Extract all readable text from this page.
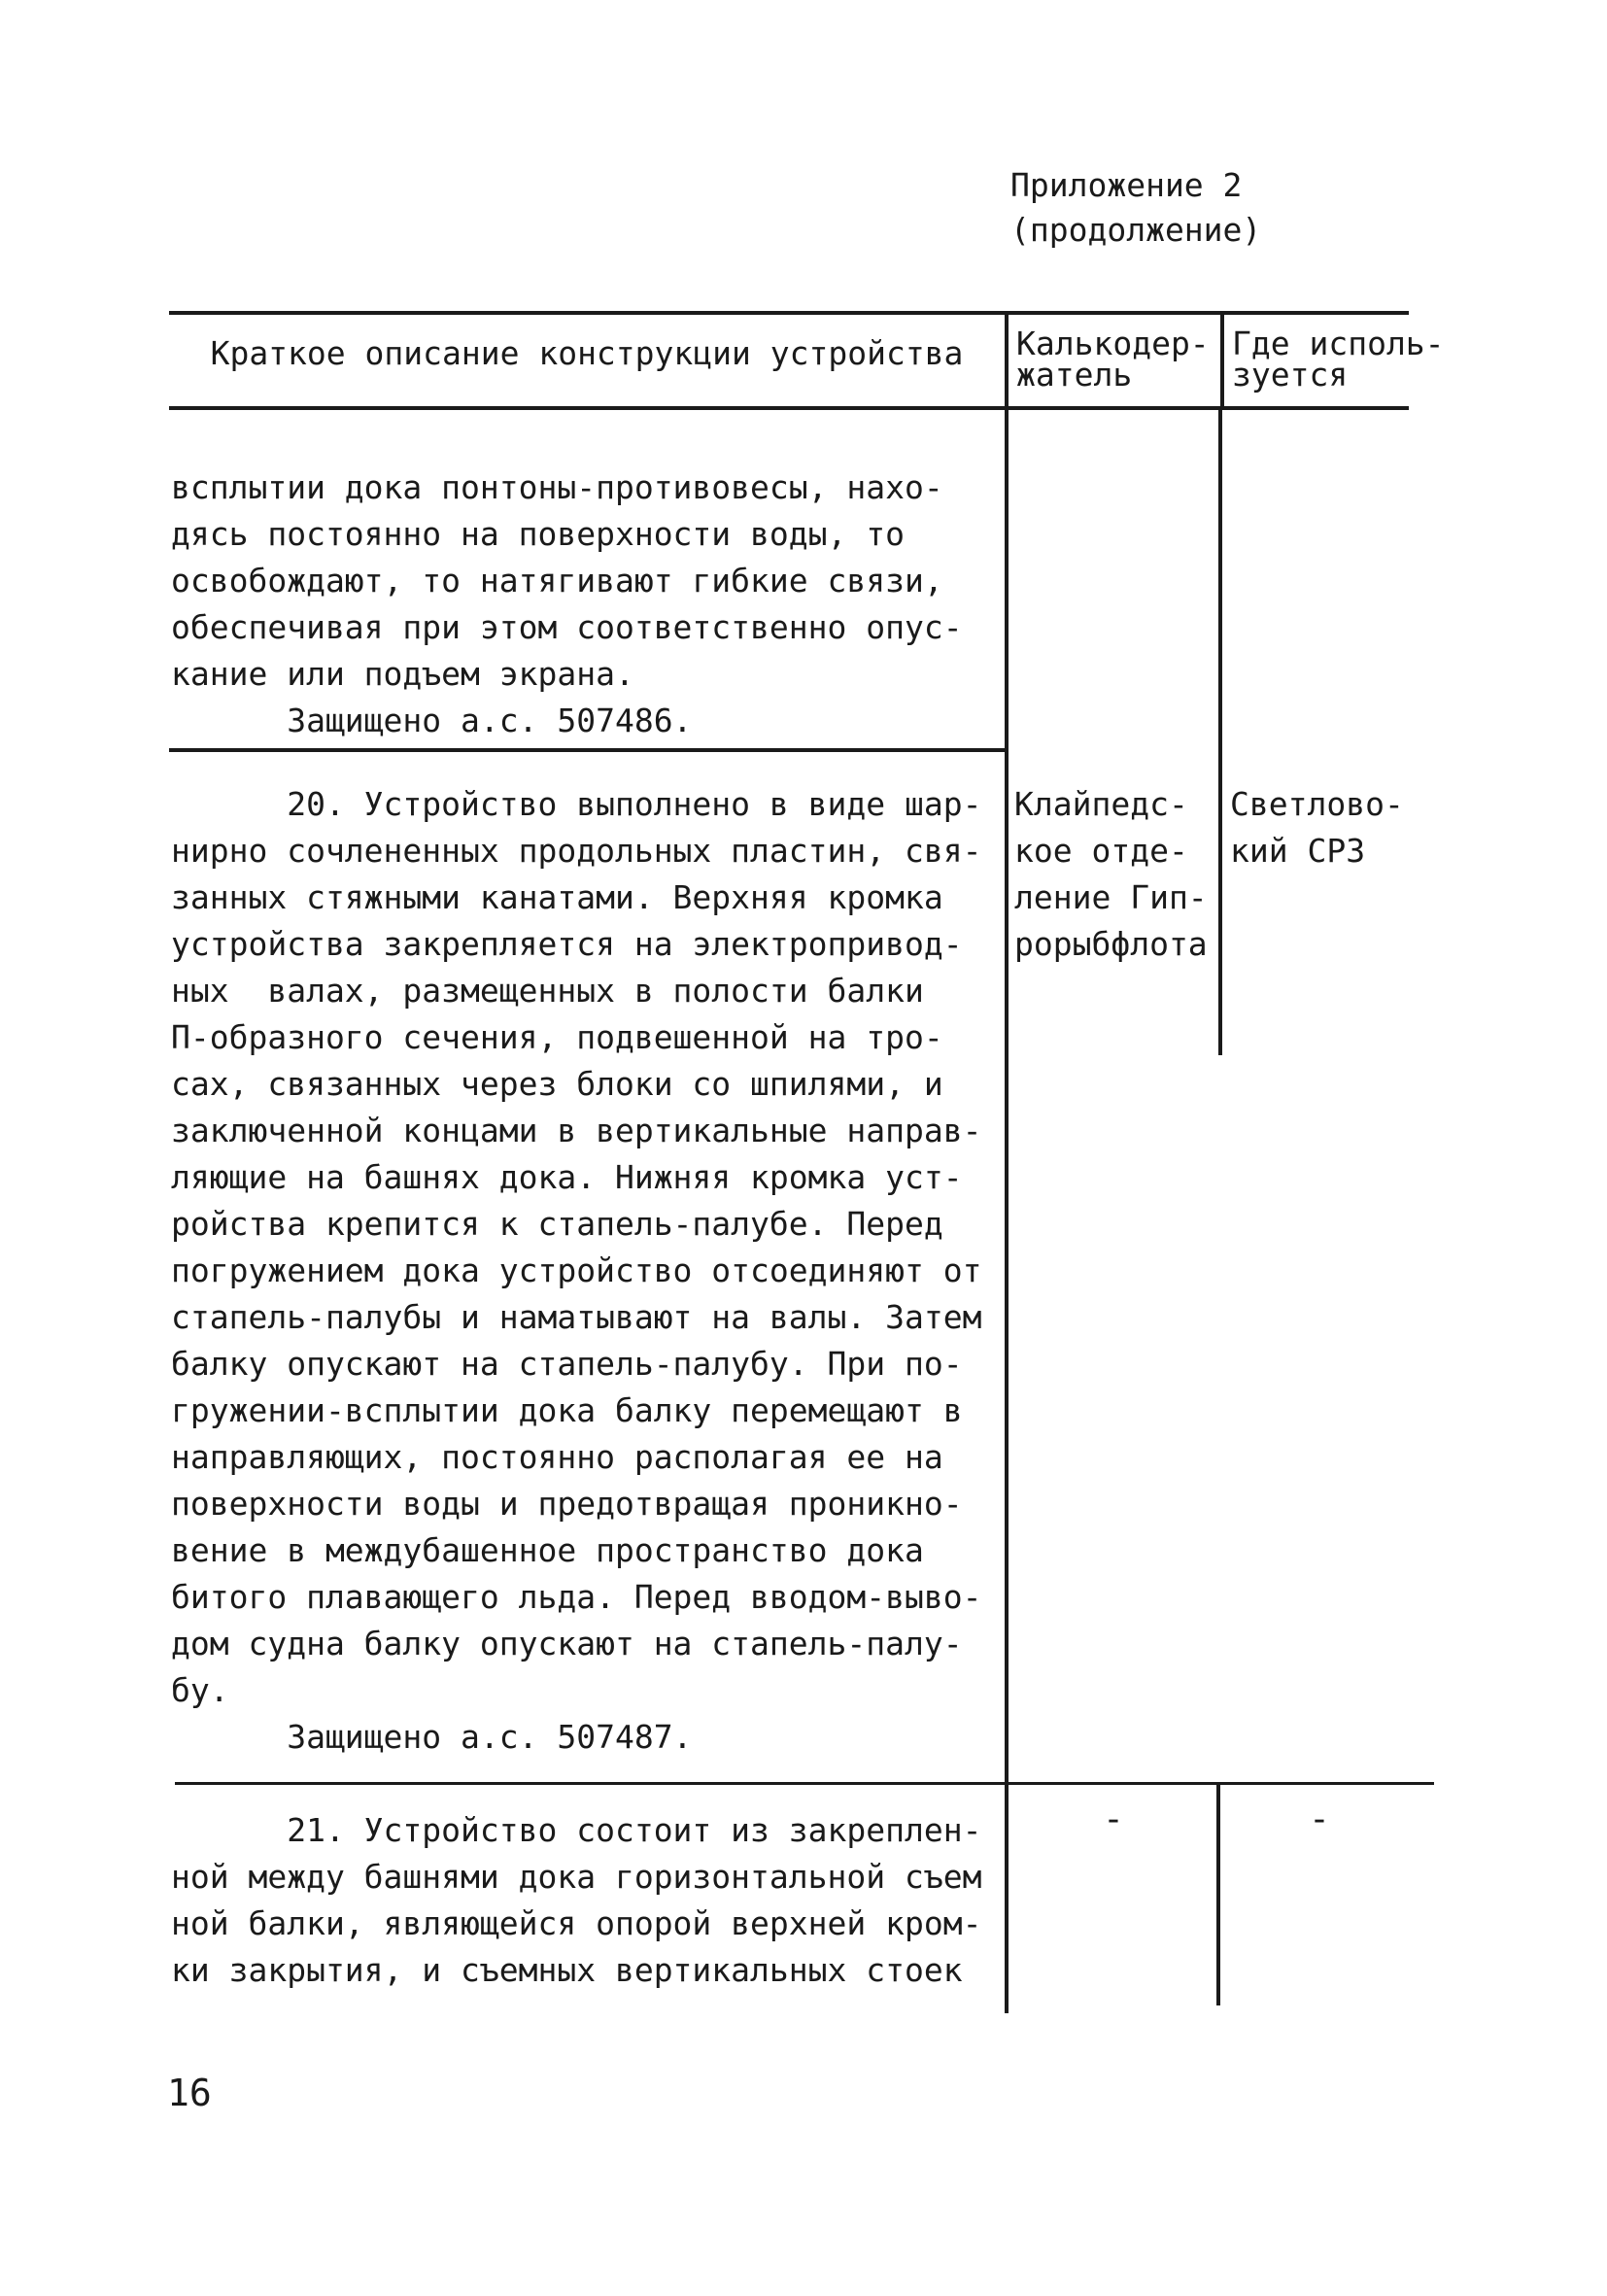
Приложение 2
(продолжение)
Краткое описание конструкции устройства	Калькодер-
жатель
Где исполь-
зуется
всплытии дока понтоны-противовесы, нахо-
дясь постоянно на поверхности воды, то
освобождают, то натягивают гибкие связи,
обеспечивая при этом соответственно опус-
кание или подъем экрана.
Защищено а.с. 507486.
20. Устройство выполнено в виде шар-
нирно сочлененных продольных пластин, свя-
занных стяжными канатами. Верхняя кромка
устройства закрепляется на электропривод-
ных  валах, размещенных в полости балки
П-образного сечения, подвешенной на тро-
сах, связанных через блоки со шпилями, и
заключенной концами в вертикальные направ-
ляющие на башнях дока. Нижняя кромка уст-
ройства крепится к стапель-палубе. Перед
погружением дока устройство отсоединяют от
стапель-палубы и наматывают на валы. Затем
балку опускают на стапель-палубу. При по-
гружении-всплытии дока балку перемещают в
направляющих, постоянно располагая ее на
поверхности воды и предотвращая проникно-
вение в междубашенное пространство дока
битого плавающего льда. Перед вводом-выво-
дом судна балку опускают на стапель-палу-
бу.
Защищено а.с. 507487.
Клайпедс-
кое отде-
ление Гип-
рорыбфлота
Светлово-
кий СРЗ
21. Устройство состоит из закреплен-
ной между башнями дока горизонтальной съем
ной балки, являющейся опорой верхней кром-
ки закрытия, и съемных вертикальных стоек
-	-
16
